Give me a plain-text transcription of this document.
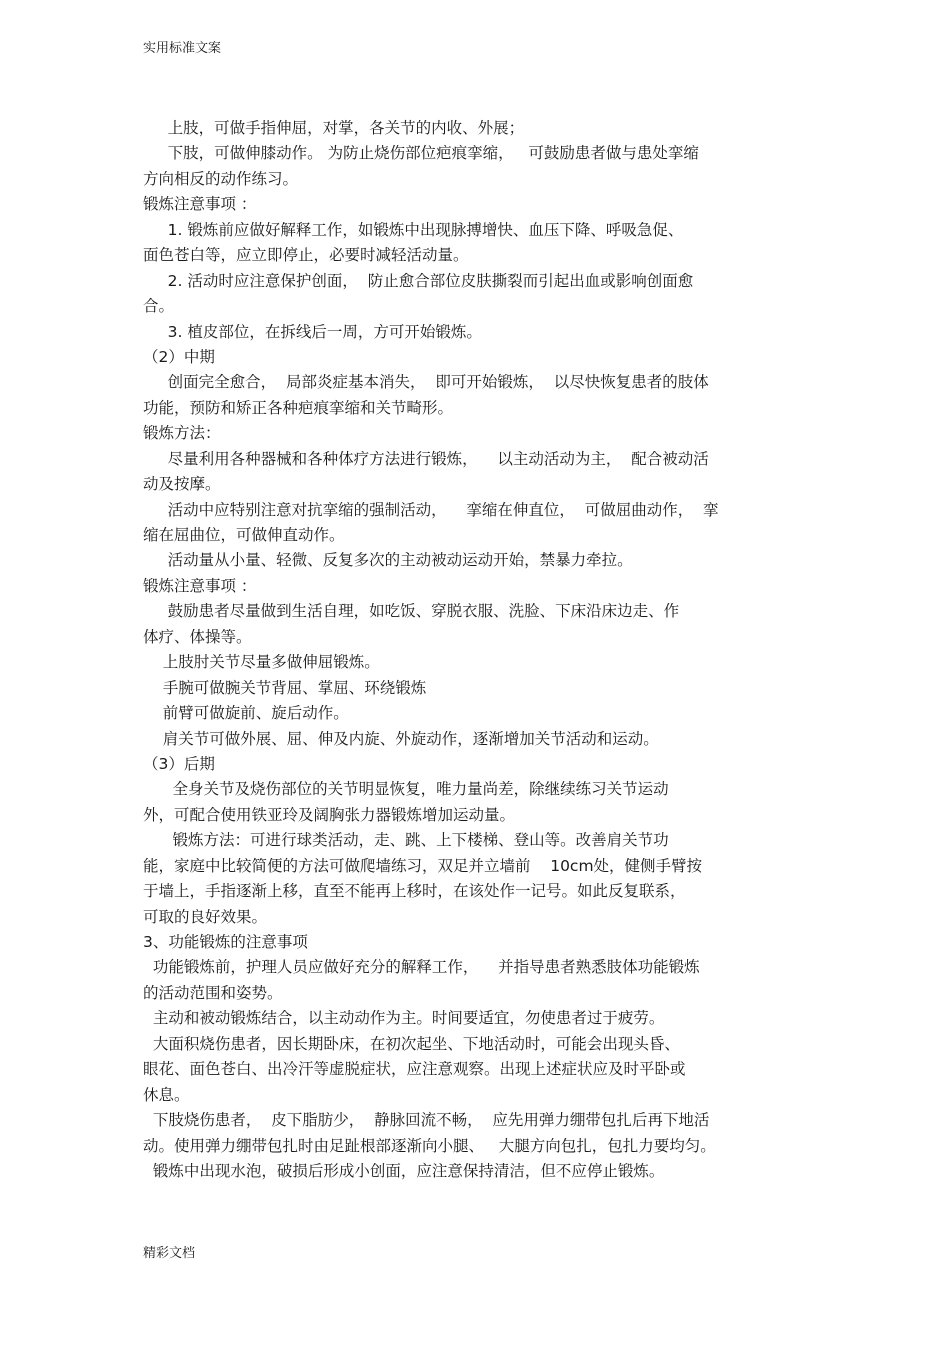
实用标准文案
上肢，可做手指伸屈，对掌，各关节的内收、外展；
下肢，可做伸膝动作。 为防止烧伤部位疤痕挛缩，   可鼓励患者做与患处挛缩
方向相反的动作练习。
锻炼注意事项 ：
1. 锻炼前应做好解释工作，如锻炼中出现脉搏增快、血压下降、呼吸急促、
面色苍白等，应立即停止，必要时减轻活动量。
2. 活动时应注意保护创面，  防止愈合部位皮肤撕裂而引起出血或影响创面愈
合。
3. 植皮部位，在拆线后一周，方可开始锻炼。
（2）中期
创面完全愈合，  局部炎症基本消失，  即可开始锻炼，  以尽快恢复患者的肢体
功能，预防和矫正各种疤痕挛缩和关节畸形。
锻炼方法：
尽量利用各种器械和各种体疗方法进行锻炼，    以主动活动为主，  配合被动活
动及按摩。
活动中应特别注意对抗挛缩的强制活动，    挛缩在伸直位，  可做屈曲动作，  挛
缩在屈曲位，可做伸直动作。
活动量从小量、轻微、反复多次的主动被动运动开始，禁暴力牵拉。
锻炼注意事项 ：
鼓励患者尽量做到生活自理，如吃饭、穿脱衣服、洗脸、下床沿床边走、作
体疗、体操等。
上肢肘关节尽量多做伸屈锻炼。
手腕可做腕关节背屈、掌屈、环绕锻炼
前臂可做旋前、旋后动作。
肩关节可做外展、屈、伸及内旋、外旋动作，逐渐增加关节活动和运动。
（3）后期
全身关节及烧伤部位的关节明显恢复，唯力量尚差，除继续练习关节运动
外，可配合使用铁亚玲及阔胸张力器锻炼增加运动量。
锻炼方法：可进行球类活动，走、跳、上下楼梯、登山等。改善肩关节功
能，家庭中比较简便的方法可做爬墙练习，双足并立墙前    10cm处，健侧手臂按
于墙上，手指逐渐上移，直至不能再上移时，在该处作一记号。如此反复联系，
可取的良好效果。
3、功能锻炼的注意事项
功能锻炼前，护理人员应做好充分的解释工作，    并指导患者熟悉肢体功能锻炼
的活动范围和姿势。
主动和被动锻炼结合，以主动动作为主。时间要适宜，勿使患者过于疲劳。
大面积烧伤患者，因长期卧床，在初次起坐、下地活动时，可能会出现头昏、
眼花、面色苍白、出冷汗等虚脱症状，应注意观察。出现上述症状应及时平卧或
休息。
下肢烧伤患者，  皮下脂肪少，  静脉回流不畅，  应先用弹力绷带包扎后再下地活
动。使用弹力绷带包扎时由足趾根部逐渐向小腿、   大腿方向包扎，包扎力要均匀。
锻炼中出现水泡，破损后形成小创面，应注意保持清洁，但不应停止锻炼。
精彩文档
